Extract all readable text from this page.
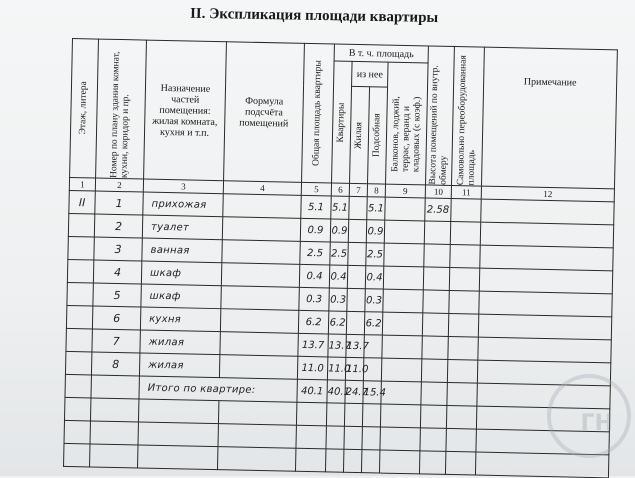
II. Экспликация площади квартиры
Этаж, литера	Номер по плану здания комнат, кухни, коридор и пр.	Назначение частей помещения: жилая комната, кухня и т.п.	Формула подсчёта помещений	Общая площадь квартиры	В т. ч. площадь				Высота помещений по внутр. обмеру	Самовольно переоборудованная площадь	Примечание

					Квартиры	из нее		Балконов, лоджий, террас, веранд и кладовых (с коэф.)			

						Жилая	Подсобная				

1	2	3	4	5	6	7	8	9	10	11	12
II	1	прихожая		5.1	5.1		5.1		2.58		
	2	туалет		0.9	0.9		0.9				
	3	ванная		2.5	2.5		2.5				
	4	шкаф		0.4	0.4		0.4				
	5	шкаф		0.3	0.3		0.3				
	6	кухня		6.2	6.2		6.2				
	7	жилая		13.7	13.7	13.7					
	8	жилая		11.0	11.0	11.0					
		Итого по квартире:		40.1	40.1	24.7	15.4				

ГН
